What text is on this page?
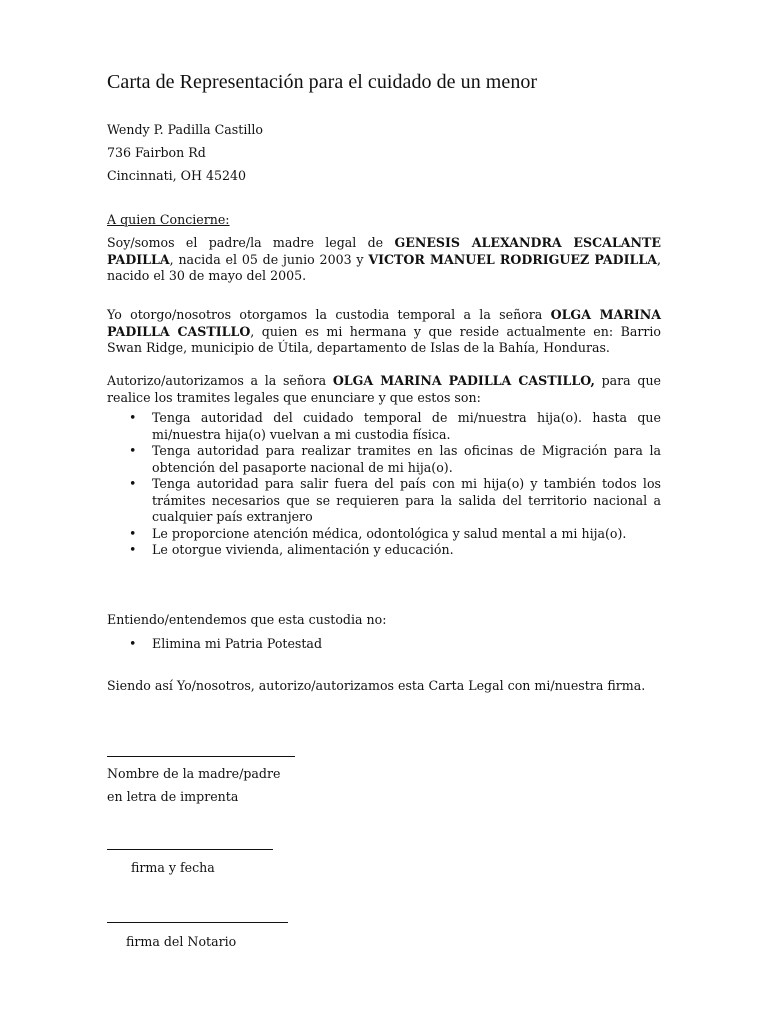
Carta de Representación para el cuidado de un menor
Wendy P. Padilla Castillo
736 Fairbon Rd
Cincinnati, OH 45240
A quien Concierne:
Soy/somos el padre/la madre legal de GENESIS ALEXANDRA ESCALANTE PADILLA, nacida el 05 de junio 2003 y VICTOR MANUEL RODRIGUEZ PADILLA, nacido el 30 de mayo del 2005.
Yo otorgo/nosotros otorgamos la custodia temporal a la señora OLGA MARINA PADILLA CASTILLO, quien es mi hermana y que reside actualmente en: Barrio Swan Ridge, municipio de Útila, departamento de Islas de la Bahía, Honduras.
Autorizo/autorizamos a la señora OLGA MARINA PADILLA CASTILLO, para que realice los tramites legales que enunciare y que estos son:
• Tenga autoridad del cuidado temporal de mi/nuestra hija(o). hasta que mi/nuestra hija(o) vuelvan a mi custodia física.
• Tenga autoridad para realizar tramites en las oficinas de Migración para la obtención del pasaporte nacional de mi hija(o).
• Tenga autoridad para salir fuera del país con mi hija(o) y también todos los trámites necesarios que se requieren para la salida del territorio nacional a cualquier país extranjero
• Le proporcione atención médica, odontológica y salud mental a mi hija(o).
• Le otorgue vivienda, alimentación y educación.
Entiendo/entendemos que esta custodia no:
• Elimina mi Patria Potestad
Siendo así Yo/nosotros, autorizo/autorizamos esta Carta Legal con mi/nuestra firma.
Nombre de la madre/padre
en letra de imprenta
firma y fecha
firma del Notario
